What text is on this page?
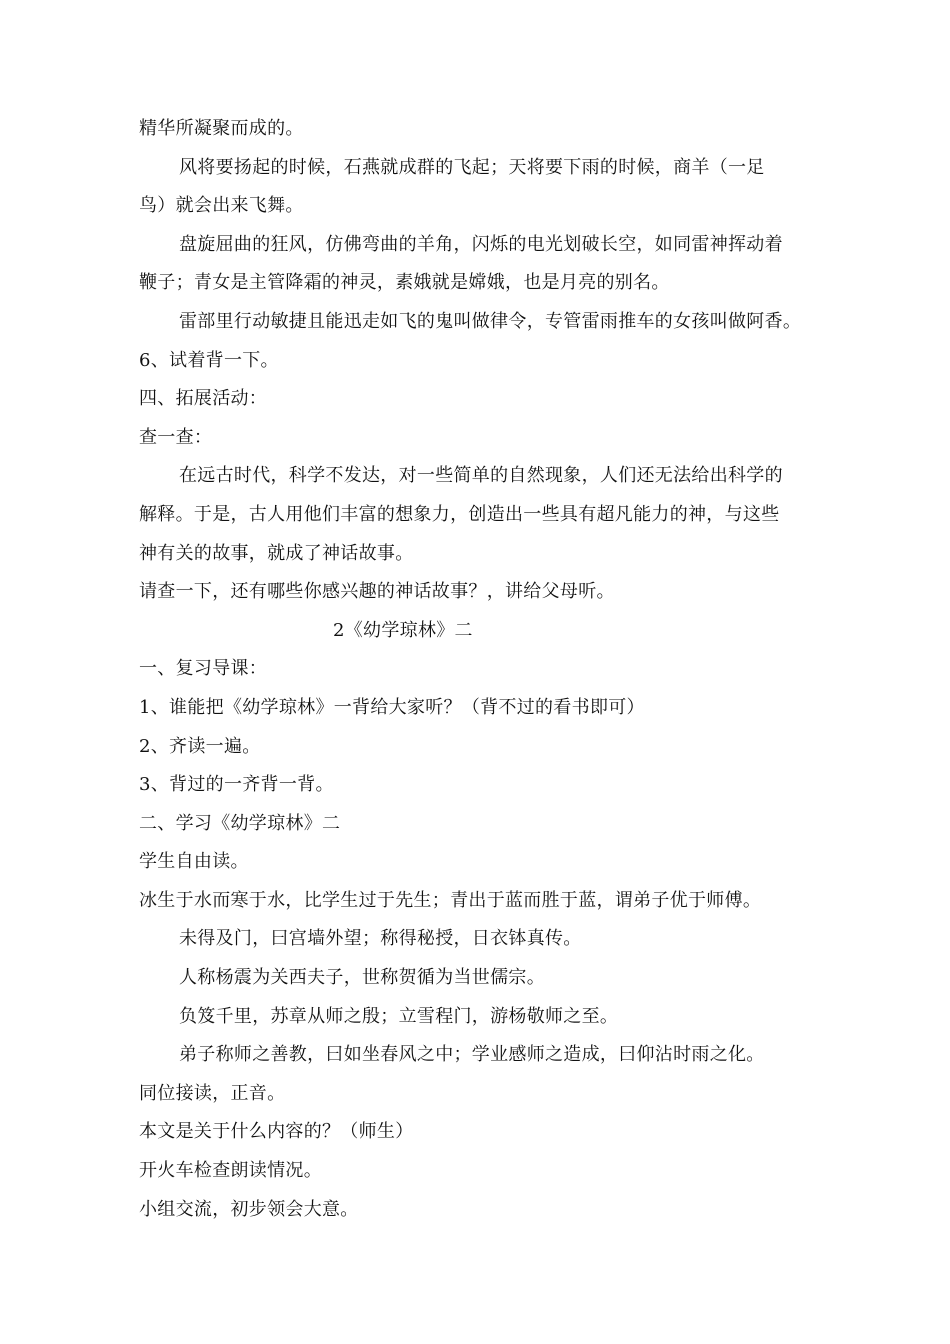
精华所凝聚而成的。
风将要扬起的时候，石燕就成群的飞起；天将要下雨的时候，商羊（一足
鸟）就会出来飞舞。
盘旋屈曲的狂风，仿佛弯曲的羊角，闪烁的电光划破长空，如同雷神挥动着
鞭子；青女是主管降霜的神灵，素娥就是嫦娥，也是月亮的别名。
雷部里行动敏捷且能迅走如飞的鬼叫做律令，专管雷雨推车的女孩叫做阿香。
6、试着背一下。
四、拓展活动：
查一查：
在远古时代，科学不发达，对一些简单的自然现象，人们还无法给出科学的
解释。于是，古人用他们丰富的想象力，创造出一些具有超凡能力的神，与这些
神有关的故事，就成了神话故事。
请查一下，还有哪些你感兴趣的神话故事？，讲给父母听。
2《幼学琼林》二
一、复习导课：
1、谁能把《幼学琼林》一背给大家听？（背不过的看书即可）
2、齐读一遍。
3、背过的一齐背一背。
二、学习《幼学琼林》二
学生自由读。
冰生于水而寒于水，比学生过于先生；青出于蓝而胜于蓝，谓弟子优于师傅。
未得及门，曰宫墙外望；称得秘授，日衣钵真传。
人称杨震为关西夫子，世称贺循为当世儒宗。
负笈千里，苏章从师之殷；立雪程门，游杨敬师之至。
弟子称师之善教，曰如坐春风之中；学业感师之造成，曰仰沾时雨之化。
同位接读，正音。
本文是关于什么内容的？（师生）
开火车检查朗读情况。
小组交流，初步领会大意。
